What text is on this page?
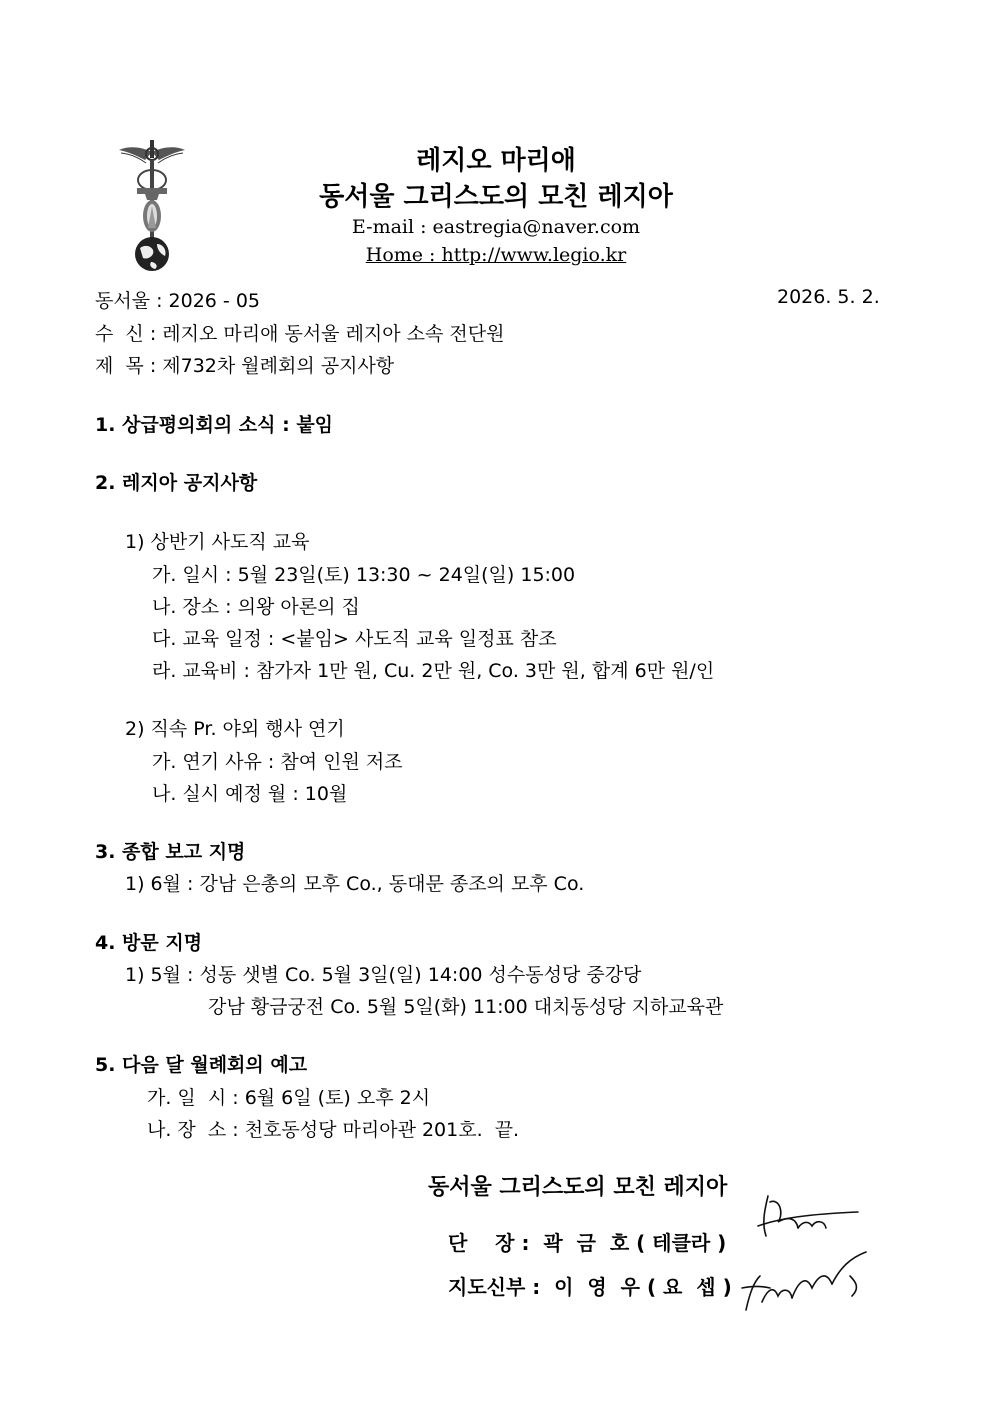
레지오 마리애
동서울 그리스도의 모친 레지아
E-mail : eastregia@naver.com
Home : http://www.legio.kr
동서울 : 2026 - 05	2026. 5. 2.
수  신 : 레지오 마리애 동서울 레지아 소속 전단원
제  목 : 제732차 월례회의 공지사항
1. 상급평의회의 소식 : 붙임
2. 레지아 공지사항
1) 상반기 사도직 교육
가. 일시 : 5월 23일(토) 13:30 ~ 24일(일) 15:00
나. 장소 : 의왕 아론의 집
다. 교육 일정 : <붙임> 사도직 교육 일정표 참조
라. 교육비 : 참가자 1만 원, Cu. 2만 원, Co. 3만 원, 합계 6만 원/인
2) 직속 Pr. 야외 행사 연기
가. 연기 사유 : 참여 인원 저조
나. 실시 예정 월 : 10월
3. 종합 보고 지명
1) 6월 : 강남 은총의 모후 Co., 동대문 종조의 모후 Co.
4. 방문 지명
1) 5월 : 성동 샛별 Co. 5월 3일(일) 14:00 성수동성당 중강당
강남 황금궁전 Co. 5월 5일(화) 11:00 대치동성당 지하교육관
5. 다음 달 월례회의 예고
가. 일  시 : 6월 6일 (토) 오후 2시
나. 장  소 : 천호동성당 마리아관 201호.  끝.
동서울 그리스도의 모친 레지아
단    장 :  곽  금  호 ( 테클라 )
지도신부 :  이  영  우 ( 요  셉 )
